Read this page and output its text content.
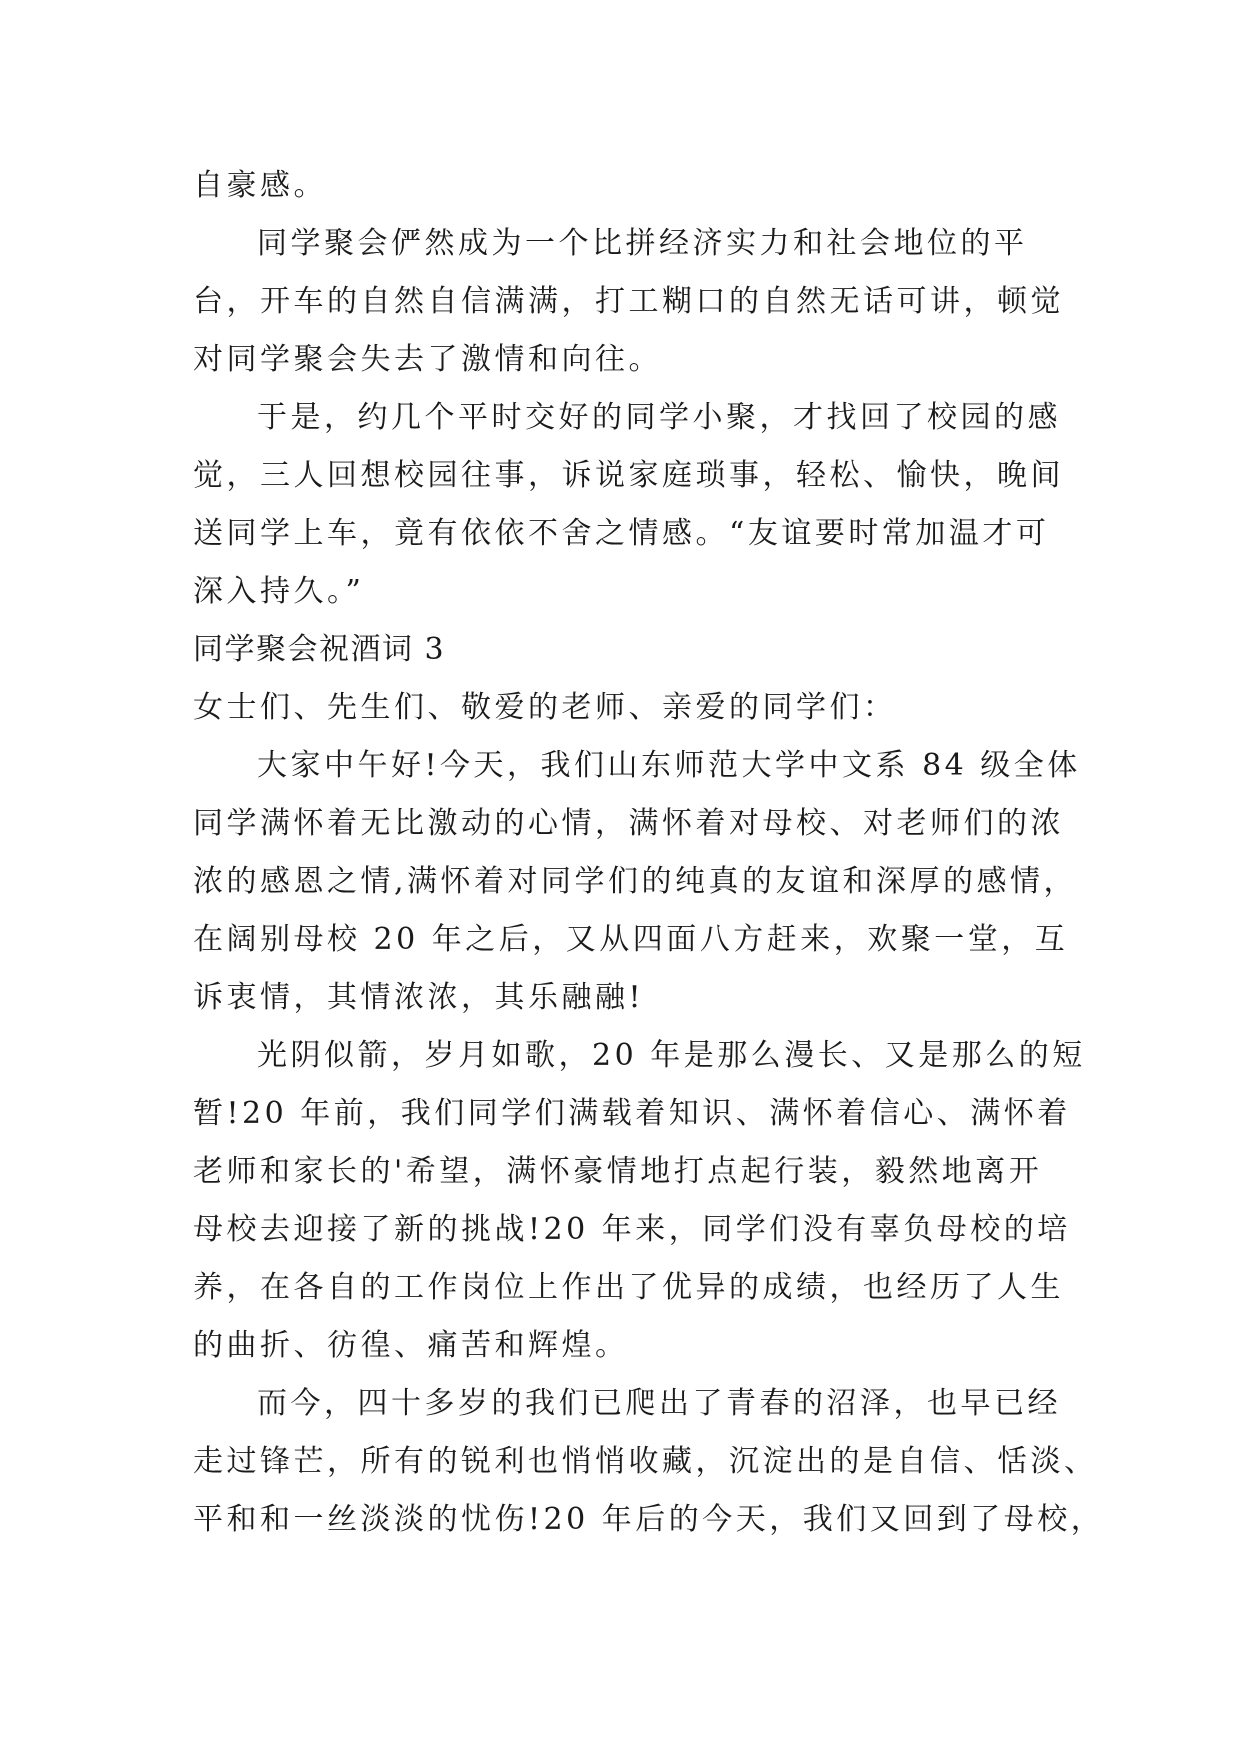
自豪感。
同学聚会俨然成为一个比拼经济实力和社会地位的平
台，开车的自然自信满满，打工糊口的自然无话可讲，顿觉
对同学聚会失去了激情和向往。
于是，约几个平时交好的同学小聚，才找回了校园的感
觉，三人回想校园往事，诉说家庭琐事，轻松、愉快，晚间
送同学上车，竟有依依不舍之情感。“友谊要时常加温才可
深入持久。”
同学聚会祝酒词 3
女士们、先生们、敬爱的老师、亲爱的同学们：
大家中午好!今天，我们山东师范大学中文系 84 级全体
同学满怀着无比激动的心情，满怀着对母校、对老师们的浓
浓的感恩之情,满怀着对同学们的纯真的友谊和深厚的感情，
在阔别母校 20 年之后，又从四面八方赶来，欢聚一堂，互
诉衷情，其情浓浓，其乐融融!
光阴似箭，岁月如歌，20 年是那么漫长、又是那么的短
暂!20 年前，我们同学们满载着知识、满怀着信心、满怀着
老师和家长的'希望，满怀豪情地打点起行装，毅然地离开
母校去迎接了新的挑战!20 年来，同学们没有辜负母校的培
养，在各自的工作岗位上作出了优异的成绩，也经历了人生
的曲折、彷徨、痛苦和辉煌。
而今，四十多岁的我们已爬出了青春的沼泽，也早已经
走过锋芒，所有的锐利也悄悄收藏，沉淀出的是自信、恬淡、
平和和一丝淡淡的忧伤!20 年后的今天，我们又回到了母校，
